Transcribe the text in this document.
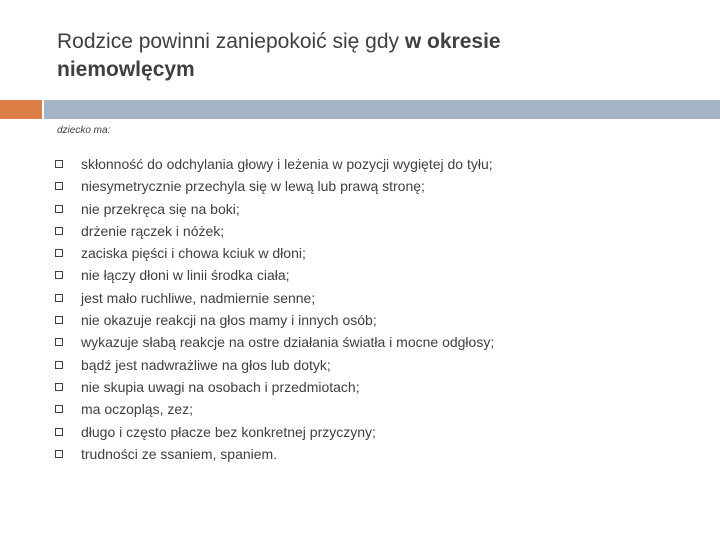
Rodzice powinni zaniepokoić się gdy w okresie
niemowlęcym
dziecko ma:
skłonność do odchylania głowy i leżenia w pozycji wygiętej do tyłu;
niesymetrycznie przechyla się w lewą lub prawą stronę;
nie przekręca się na boki;
drżenie rączek i nóżek;
zaciska pięści i chowa kciuk w dłoni;
nie łączy dłoni w linii środka ciała;
jest mało ruchliwe, nadmiernie senne;
nie okazuje reakcji na głos mamy i innych osób;
wykazuje słabą reakcje na ostre działania światła i mocne odgłosy;
bądź jest nadwrażliwe na głos lub dotyk;
nie skupia uwagi na osobach i przedmiotach;
ma oczopląs, zez;
długo i często płacze bez konkretnej przyczyny;
trudności ze ssaniem, spaniem.
